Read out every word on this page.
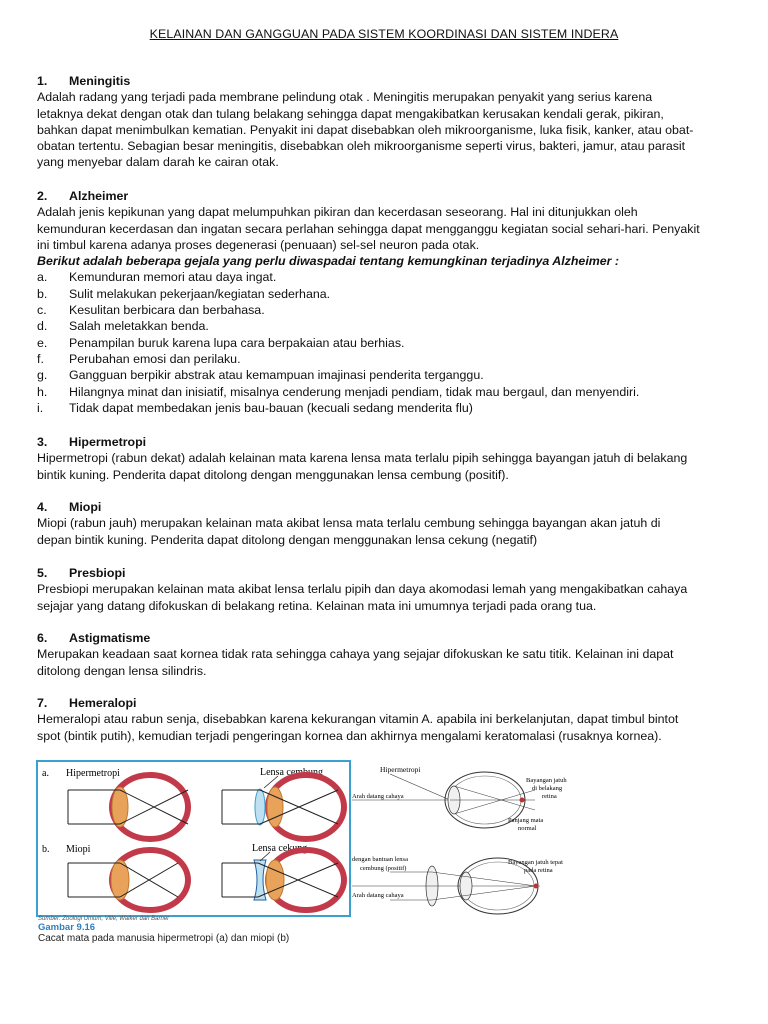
KELAINAN DAN GANGGUAN PADA SISTEM KOORDINASI DAN SISTEM INDERA
1.	Meningitis

Adalah radang yang terjadi pada membrane pelindung otak . Meningitis merupakan penyakit yang serius karena

letaknya dekat dengan otak dan tulang belakang sehingga dapat mengakibatkan kerusakan kendali gerak, pikiran,

bahkan dapat menimbulkan kematian. Penyakit ini dapat disebabkan oleh mikroorganisme, luka fisik, kanker, atau obat-

obatan tertentu. Sebagian besar meningitis, disebabkan oleh mikroorganisme seperti virus, bakteri, jamur, atau parasit

yang menyebar dalam darah ke cairan otak.

2.	Alzheimer

Adalah jenis kepikunan yang dapat melumpuhkan pikiran dan kecerdasan seseorang. Hal ini ditunjukkan oleh

kemunduran kecerdasan dan ingatan secara perlahan sehingga dapat mengganggu kegiatan social sehari-hari. Penyakit

ini timbul karena adanya proses degenerasi (penuaan) sel-sel neuron pada otak.

Berikut adalah beberapa gejala yang perlu diwaspadai tentang kemungkinan terjadinya Alzheimer :

a.	Kemunduran memori atau daya ingat.
b.	Sulit melakukan pekerjaan/kegiatan sederhana.
c.	Kesulitan berbicara dan berbahasa.
d.	Salah meletakkan benda.
e.	Penampilan buruk karena lupa cara berpakaian atau berhias.
f.	Perubahan emosi dan perilaku.
g.	Gangguan berpikir abstrak atau kemampuan imajinasi penderita terganggu.
h.	Hilangnya minat dan inisiatif, misalnya cenderung menjadi pendiam, tidak mau bergaul, dan menyendiri.
i.	Tidak dapat membedakan jenis bau-bauan (kecuali sedang menderita flu)
3.	Hipermetropi

Hipermetropi (rabun dekat) adalah kelainan mata karena lensa mata terlalu pipih sehingga bayangan jatuh di belakang

bintik kuning. Penderita dapat ditolong dengan menggunakan lensa cembung (positif).

4.	Miopi

Miopi (rabun jauh) merupakan kelainan mata akibat lensa mata terlalu cembung sehingga bayangan akan jatuh di

depan bintik kuning. Penderita dapat ditolong dengan menggunakan lensa cekung (negatif)

5.	Presbiopi

Presbiopi merupakan kelainan mata akibat lensa terlalu pipih dan daya akomodasi lemah yang mengakibatkan cahaya

sejajar yang datang difokuskan di belakang retina. Kelainan mata ini umumnya terjadi pada orang tua.

6.	Astigmatisme

Merupakan keadaan saat kornea tidak rata sehingga cahaya yang sejajar difokuskan ke satu titik. Kelainan ini dapat

ditolong dengan lensa silindris.

7.	Hemeralopi

Hemeralopi atau rabun senja, disebabkan karena kekurangan vitamin A. apabila ini berkelanjutan, dapat timbul bintot

spot (bintik putih), kemudian terjadi pengeringan kornea dan akhirnya mengalami keratomalasi (rusaknya kornea).

a. Hipermetropi	Lensa cembung
b. Miopi	Lensa cekung
Sumber: Zoologi Umum, Ville, Walker dan Barner
Gambar 9.16
Cacat mata pada manusia hipermetropi (a) dan miopi (b)
Hipermetropi
Arah datang cahaya
Bayangan jatuh
di belakang
retina
Panjang mata
normal
dengan bantuan lensa
cembung (positif)
Bayangan jatuh tepat
pada retina
Arah datang cahaya
